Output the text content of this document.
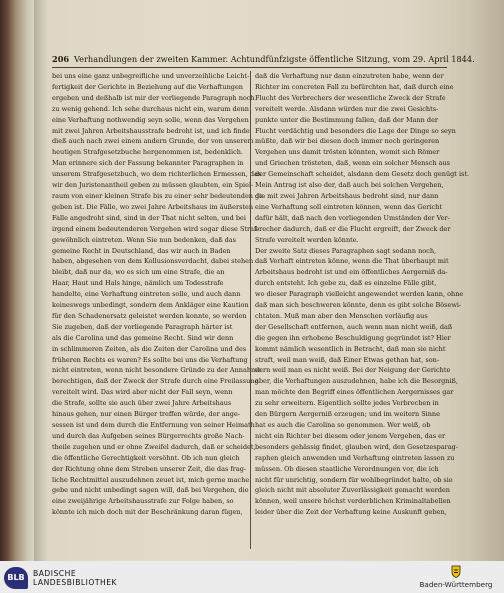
206 Verhandlungen der zweiten Kammer. Achtundfünfzigste öffentliche Sitzung, vom 29. April 1844.
bei uns eine ganz unbegreifliche und unverzeihliche Leicht-
fertigkeit der Gerichte in Beziehung auf die Verhaftungen
ergeben und deßhalb ist mir der vorliegende Paragraph noch
zu wenig gehend. Ich sehe durchaus nicht ein, warum denn
eine Verhaftung nothwendig seyn solle, wenn das Vergehen
mit zwei Jahren Arbeitshausstrafe bedroht ist, und ich finde
dieß auch nach zwei einem andern Grunde, der von unserem
heutigen Strafgesetzbuche hergenommen ist, bedenklich.
Man erinnere sich der Fassung bekannter Paragraphen in
unserem Strafgesetzbuch, wo dem richterlichen Ermessen, das
wir den Juristenantheil geben zu müssen glaubten, ein Spiel-
raum von einer kleinen Strafe bis zu einer sehr bedeutenden ge-
geben ist. Die Fälle, wo zwei Jahre Arbeitshaus im äußersten
Falle angedroht sind, sind in der That nicht selten, und bei
irgend einem bedeutenderen Vergehen wird sogar diese Straf-
gewöhnlich eintreten. Wenn Sie nun bedenken, daß das
gemeine Recht in Deutschland, das wir auch in Baden
haben, abgesehen von dem Kollusionsverdacht, dabei stehen
bleibt, daß nur da, wo es sich um eine Strafe, die an
Haar, Haut und Hals hinge, nämlich um Todesstrafe
handelte, eine Verhaftung eintreten solle, und auch dann
keineswegs unbedingt, sondern dem Ankläger eine Kaution
für den Schadenersatz geleistet werden konnte, so werden
Sie zugeben, daß der vorliegende Paragraph härter ist
als die Carolina und das gemeine Recht. Sind wir denn
in schlimmeren Zeiten, als die Zeiten der Carolina und des
früheren Rechts es waren? Es sollte bei uns die Verhaftung
nicht eintreten, wenn nicht besondere Gründe zu der Annahme
berechtigen, daß der Zweck der Strafe durch eine Freilassung
vereitelt wird. Das wird aber nicht der Fall seyn, wenn
die Strafe, sollte sie auch über zwei Jahre Arbeitshaus
hinaus gehen, nur einen Bürger treffen würde, der ange-
sessen ist und dem durch die Entfernung von seiner Heimath
und durch das Aufgeben seines Bürgerrechts große Nach-
theile zugehen und er ohne Zweifel dadurch, daß er scheidet,
die öffentliche Gerechtigkeit versöhnt. Ob ich nun gleich
der Richtung ohne dem Streben unserer Zeit, die das frag-
liche Rechtmittel auszudehnen zeuet ist, mich gerne mache
gebe und nicht unbedingt sagen will, daß bei Vergehen, die
eine zweijährige Arbeitshausstrafe zur Folge haben, so
könnte ich mich doch mit der Beschränkung daran fügen,
daß die Verhaftung nur dann einzutreten habe, wenn der
Richter im concreten Fall zu befürchten hat, daß durch eine
Flucht des Verbrechers der wesentliche Zweck der Strafe
vereitelt werde. Alsdann würden nur die zwei Gesichts-
punkte unter die Bestimmung fallen, daß der Mann der
Flucht verdächtig und besonders die Lage der Dinge so seyn
müßte, daß wir bei diesen doch immer noch geringeren
Vergehen uns damit trösten könnten, womit sich Römer
und Griechen trösteten, daß, wenn ein solcher Mensch aus
der Gemeinschaft scheidet, alsdann dem Gesetz doch genügt ist.
Mein Antrag ist also der, daß auch bei solchen Vergehen,
die mit zwei Jahren Arbeitshaus bedroht sind, nur dann
eine Verhaftung soll eintreten können, wenn das Gericht
dafür hält, daß nach den vorliegenden Umständen der Ver-
brecher dadurch, daß er die Flucht ergreift, der Zweck der
Strafe vereitelt werden könnte.
Der zweite Satz dieses Paragraphen sagt sodann noch,
daß Verhaft eintreten könne, wenn die That überhaupt mit
Arbeitshaus bedroht ist und ein öffentliches Aergerniß da-
durch entsteht. Ich gebe zu, daß es einzelne Fälle gibt,
wo dieser Paragraph vielleicht angewendet werden kann, ohne
daß man sich beschweren könnte, denn es gibt solche Bösewi-
chtaten. Muß man aber den Menschen vorläufig aus
der Gesellschaft entfernen, auch wenn man nicht weiß, daß
die gegen ihn erhobene Beschuldigung gegründet ist? Hier
kommt nämlich wesentlich in Betracht, daß man sie nicht
straft, weil man weiß, daß Einer Etwas gethan hat, son-
dern weil man es nicht weiß. Bei der Neigung der Gerichte
aber, die Verhaftungen auszudehnen, habe ich die Besorgniß,
man möchte den Begriff eines öffentlichen Aergernisses gar
zu sehr erweitern. Eigentlich sollte jedes Verbrechen in
den Bürgern Aergerniß erzeugen; und im weitern Sinne
hat es auch die Carolina so genommen. Wer weiß, ob
nicht ein Richter bei diesem oder jenem Vergehen, das er
besonders gehässig findet, glauben wird, den Gesetzesparag-
raphen gleich anwenden und Verhaftung eintreten lassen zu
müssen. Ob diesen staatliche Verordnungen vor, die ich
nicht für unrichtig, sondern für wohlbegründet halte, ob sie
gleich nicht mit absoluter Zuverlässigkeit gemacht werden
können, weil unsere höchst verderblichen Kriminaltabellen
leider über die Zeit der Verhaftung keine Auskunft geben,
BLB	BADISCHE
LANDESBIBLIOTHEK	Baden-Württemberg
